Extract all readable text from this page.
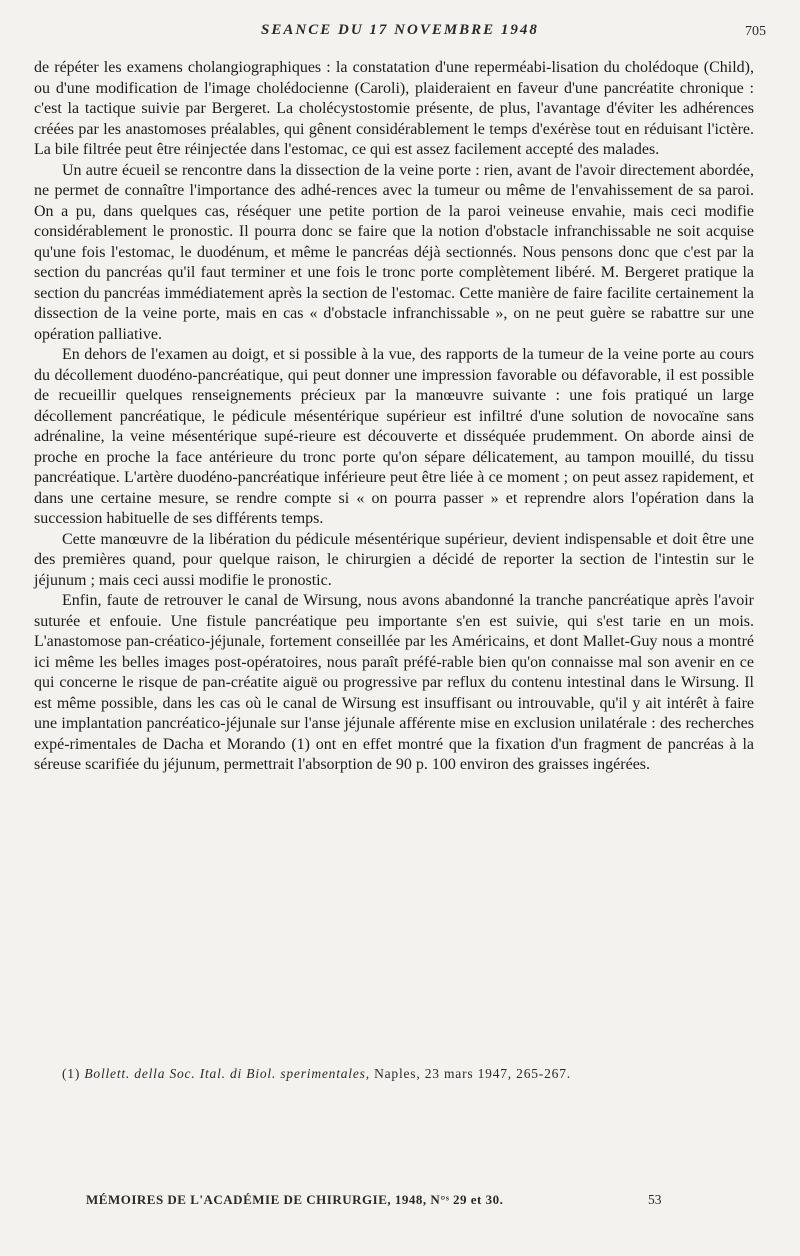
SEANCE DU 17 NOVEMBRE 1948	705

de répéter les examens cholangiographiques : la constatation d'une reperméabi-lisation du cholédoque (Child), ou d'une modification de l'image cholédocienne (Caroli), plaideraient en faveur d'une pancréatite chronique : c'est la tactique suivie par Bergeret. La cholécystostomie présente, de plus, l'avantage d'éviter les adhérences créées par les anastomoses préalables, qui gênent considérablement le temps d'exérèse tout en réduisant l'ictère. La bile filtrée peut être réinjectée dans l'estomac, ce qui est assez facilement accepté des malades.

Un autre écueil se rencontre dans la dissection de la veine porte : rien, avant de l'avoir directement abordée, ne permet de connaître l'importance des adhé-rences avec la tumeur ou même de l'envahissement de sa paroi. On a pu, dans quelques cas, réséquer une petite portion de la paroi veineuse envahie, mais ceci modifie considérablement le pronostic. Il pourra donc se faire que la notion d'obstacle infranchissable ne soit acquise qu'une fois l'estomac, le duodénum, et même le pancréas déjà sectionnés. Nous pensons donc que c'est par la section du pancréas qu'il faut terminer et une fois le tronc porte complètement libéré. M. Bergeret pratique la section du pancréas immédiatement après la section de l'estomac. Cette manière de faire facilite certainement la dissection de la veine porte, mais en cas « d'obstacle infranchissable », on ne peut guère se rabattre sur une opération palliative.

En dehors de l'examen au doigt, et si possible à la vue, des rapports de la tumeur de la veine porte au cours du décollement duodéno-pancréatique, qui peut donner une impression favorable ou défavorable, il est possible de recueillir quelques renseignements précieux par la manœuvre suivante : une fois pratiqué un large décollement pancréatique, le pédicule mésentérique supérieur est infiltré d'une solution de novocaïne sans adrénaline, la veine mésentérique supé-rieure est découverte et disséquée prudemment. On aborde ainsi de proche en proche la face antérieure du tronc porte qu'on sépare délicatement, au tampon mouillé, du tissu pancréatique. L'artère duodéno-pancréatique inférieure peut être liée à ce moment ; on peut assez rapidement, et dans une certaine mesure, se rendre compte si « on pourra passer » et reprendre alors l'opération dans la succession habituelle de ses différents temps.

Cette manœuvre de la libération du pédicule mésentérique supérieur, devient indispensable et doit être une des premières quand, pour quelque raison, le chirurgien a décidé de reporter la section de l'intestin sur le jéjunum ; mais ceci aussi modifie le pronostic.

Enfin, faute de retrouver le canal de Wirsung, nous avons abandonné la tranche pancréatique après l'avoir suturée et enfouie. Une fistule pancréatique peu importante s'en est suivie, qui s'est tarie en un mois. L'anastomose pan-créatico-jéjunale, fortement conseillée par les Américains, et dont Mallet-Guy nous a montré ici même les belles images post-opératoires, nous paraît préfé-rable bien qu'on connaisse mal son avenir en ce qui concerne le risque de pan-créatite aiguë ou progressive par reflux du contenu intestinal dans le Wirsung. Il est même possible, dans les cas où le canal de Wirsung est insuffisant ou introuvable, qu'il y ait intérêt à faire une implantation pancréatico-jéjunale sur l'anse jéjunale afférente mise en exclusion unilatérale : des recherches expé-rimentales de Dacha et Morando (1) ont en effet montré que la fixation d'un fragment de pancréas à la séreuse scarifiée du jéjunum, permettrait l'absorption de 90 p. 100 environ des graisses ingérées.

(1) Bollett. della Soc. Ital. di Biol. sperimentales, Naples, 23 mars 1947, 265-267.
MÉMOIRES DE L'ACADÉMIE DE CHIRURGIE, 1948, N°ˢ 29 et 30.	53
